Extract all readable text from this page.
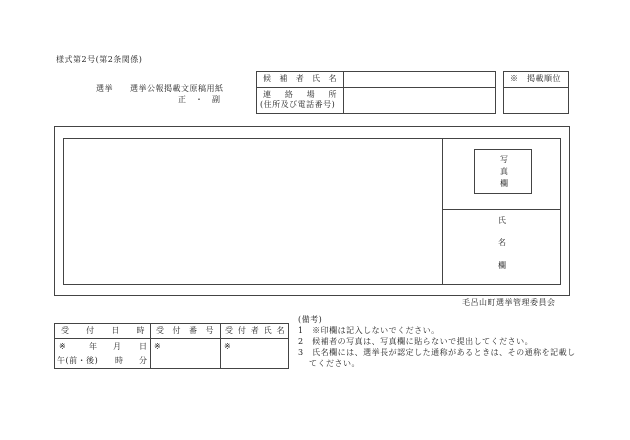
様式第2号(第2条関係)
選挙　　選挙公報掲載文原稿用紙
正　・　副
候 補 者 氏 名
連 絡 場 所
(住所及び電話番号)
※　掲載順位
写
真
欄
氏
名
欄
毛呂山町選挙管理委員会
受 付 日 時 受 付 番 号 受 付 者 氏 名
※	年 月 日
午(前・後) 時 分
※	※
(備考)
1　※印欄は記入しないでください。
2　候補者の写真は、写真欄に貼らないで提出してください。
3　氏名欄には、選挙長が認定した通称があるときは、その通称を記載し
てください。
